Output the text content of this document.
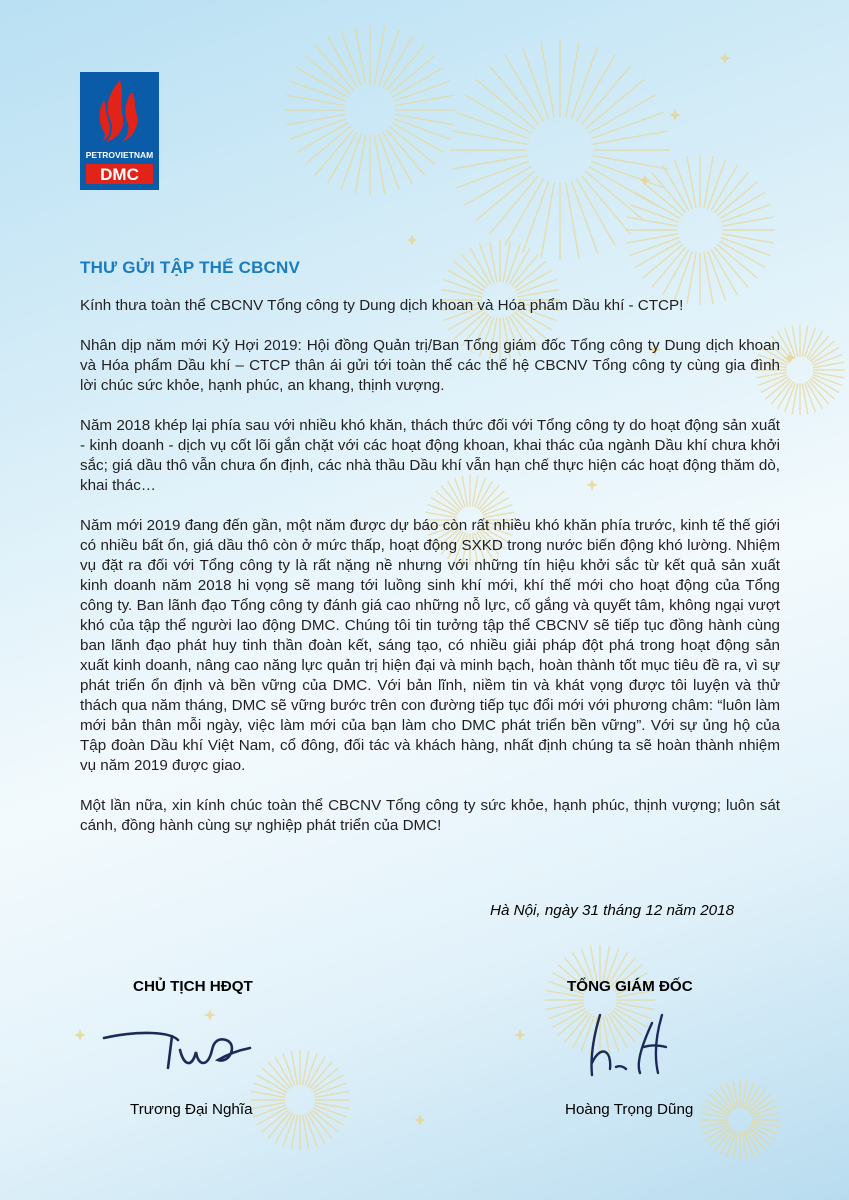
PETROVIETNAM
DMC
THƯ GỬI TẬP THỂ CBCNV

Kính thưa toàn thể CBCNV Tổng công ty Dung dịch khoan và Hóa phẩm Dầu khí - CTCP!

Nhân dịp năm mới Kỷ Hợi 2019: Hội đồng Quản trị/Ban Tổng giám đốc Tổng công ty Dung dịch khoan và Hóa phẩm Dầu khí – CTCP thân ái gửi tới toàn thể các thế hệ CBCNV Tổng công ty cùng gia đình lời chúc sức khỏe, hạnh phúc, an khang, thịnh vượng.

Năm 2018 khép lại phía sau với nhiều khó khăn, thách thức đối với Tổng công ty do hoạt động sản xuất - kinh doanh - dịch vụ cốt lõi gắn chặt với các hoạt động khoan, khai thác của ngành Dầu khí chưa khởi sắc; giá dầu thô vẫn chưa ổn định, các nhà thầu Dầu khí vẫn hạn chế thực hiện các hoạt động thăm dò, khai thác…

Năm mới 2019 đang đến gần, một năm được dự báo còn rất nhiều khó khăn phía trước, kinh tế thế giới có nhiều bất ổn, giá dầu thô còn ở mức thấp, hoạt động SXKD trong nước biến động khó lường. Nhiệm vụ đặt ra đối với Tổng công ty là rất nặng nề nhưng với những tín hiệu khởi sắc từ kết quả sản xuất kinh doanh năm 2018 hi vọng sẽ mang tới luồng sinh khí mới, khí thế mới cho hoạt động của Tổng công ty. Ban lãnh đạo Tổng công ty đánh giá cao những nỗ lực, cố gắng và quyết tâm, không ngại vượt khó của tập thể người lao động DMC. Chúng tôi tin tưởng tập thể CBCNV sẽ tiếp tục đồng hành cùng ban lãnh đạo phát huy tinh thần đoàn kết, sáng tạo, có nhiều giải pháp đột phá trong hoạt động sản xuất kinh doanh, nâng cao năng lực quản trị hiện đại và minh bạch, hoàn thành tốt mục tiêu đề ra, vì sự phát triển ổn định và bền vững của DMC. Với bản lĩnh, niềm tin và khát vọng được tôi luyện và thử thách qua năm tháng, DMC sẽ vững bước trên con đường tiếp tục đổi mới với phương châm: “luôn làm mới bản thân mỗi ngày, việc làm mới của bạn làm cho DMC phát triển bền vững”. Với sự ủng hộ của Tập đoàn Dầu khí Việt Nam, cổ đông, đối tác và khách hàng, nhất định chúng ta sẽ hoàn thành nhiệm vụ năm 2019 được giao.

Một lần nữa, xin kính chúc toàn thể CBCNV Tổng công ty sức khỏe, hạnh phúc, thịnh vượng; luôn sát cánh, đồng hành cùng sự nghiệp phát triển của DMC!

Hà Nội, ngày 31 tháng 12 năm 2018
CHỦ TỊCH HĐQT
Trương Đại Nghĩa
TỔNG GIÁM ĐỐC
Hoàng Trọng Dũng
